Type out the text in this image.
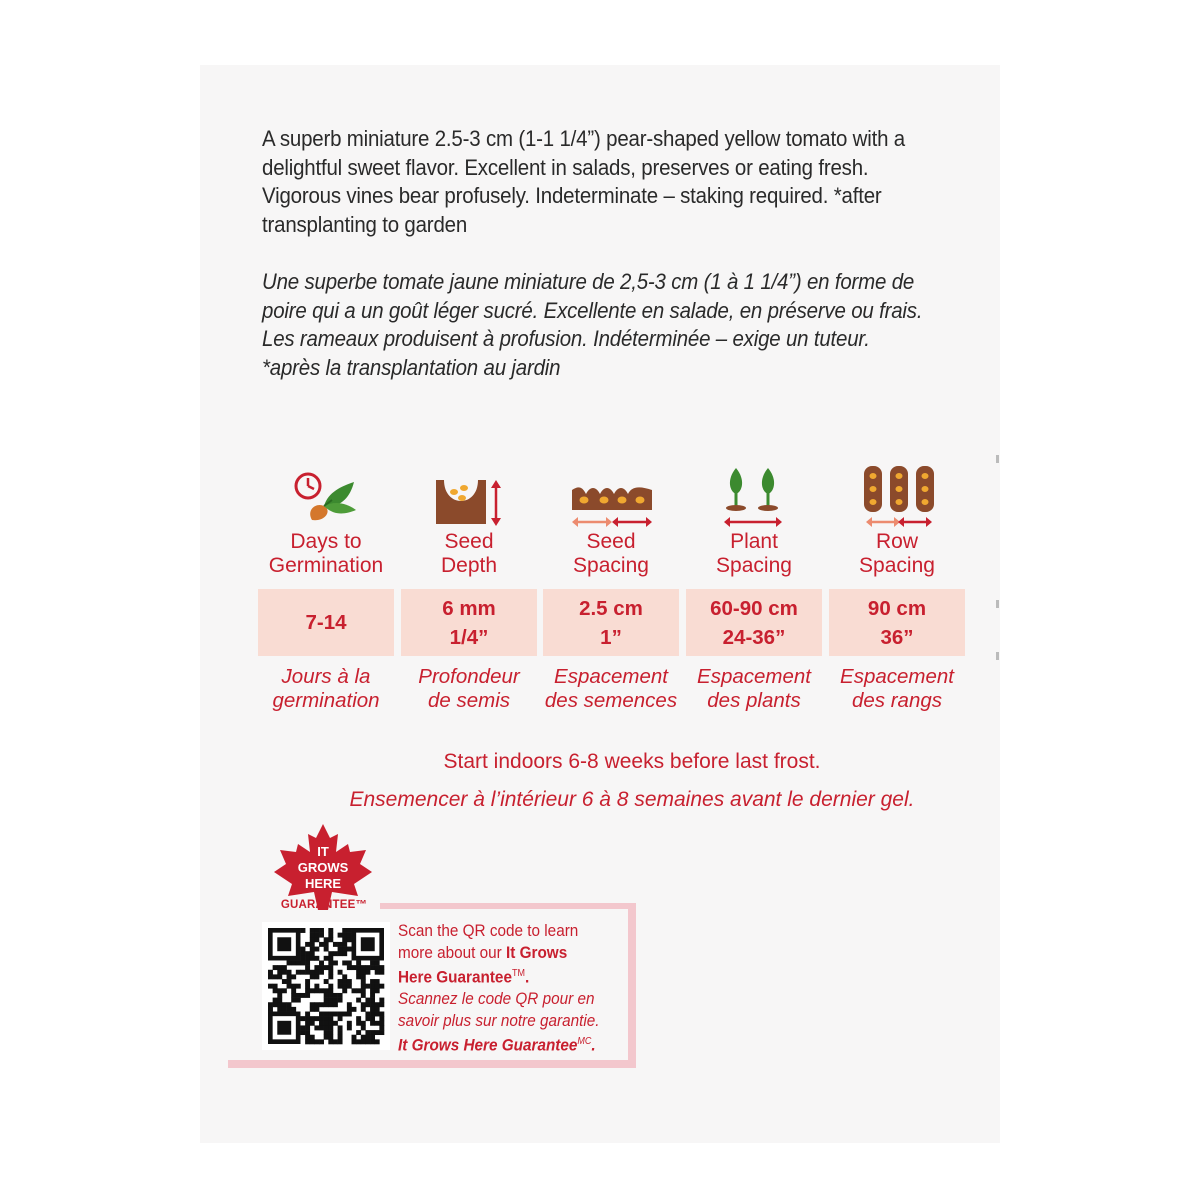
A superb miniature 2.5-3 cm (1-1 1/4”) pear-shaped yellow tomato with a delightful sweet flavor. Excellent in salads, preserves or eating fresh. Vigorous vines bear profusely. Indeterminate – staking required. *after transplanting to garden
Une superbe tomate jaune miniature de 2,5-3 cm (1 à 1 1/4”) en forme de poire qui a un goût léger sucré. Excellente en salade, en préserve ou frais. Les rameaux produisent à profusion. Indéterminée – exige un tuteur. *après la transplantation au jardin
Days to
Germination
7-14
Jours à la
germination
Seed
Depth
6 mm
1/4”
Profondeur
de semis
Seed
Spacing
2.5 cm
1”
Espacement
des semences
Plant
Spacing
60-90 cm
24-36”
Espacement
des plants
Row
Spacing
90 cm
36”
Espacement
des rangs
Start indoors 6-8 weeks before last frost.
Ensemencer à l’intérieur 6 à 8 semaines avant le dernier gel.
IT
GROWS
HERE
GUARANTEE™
Scan the QR code to learn more about our It Grows Here Guarantee™.
Scannez le code QR pour en savoir plus sur notre garantie. It Grows Here Guarantee$^{MC}$.
